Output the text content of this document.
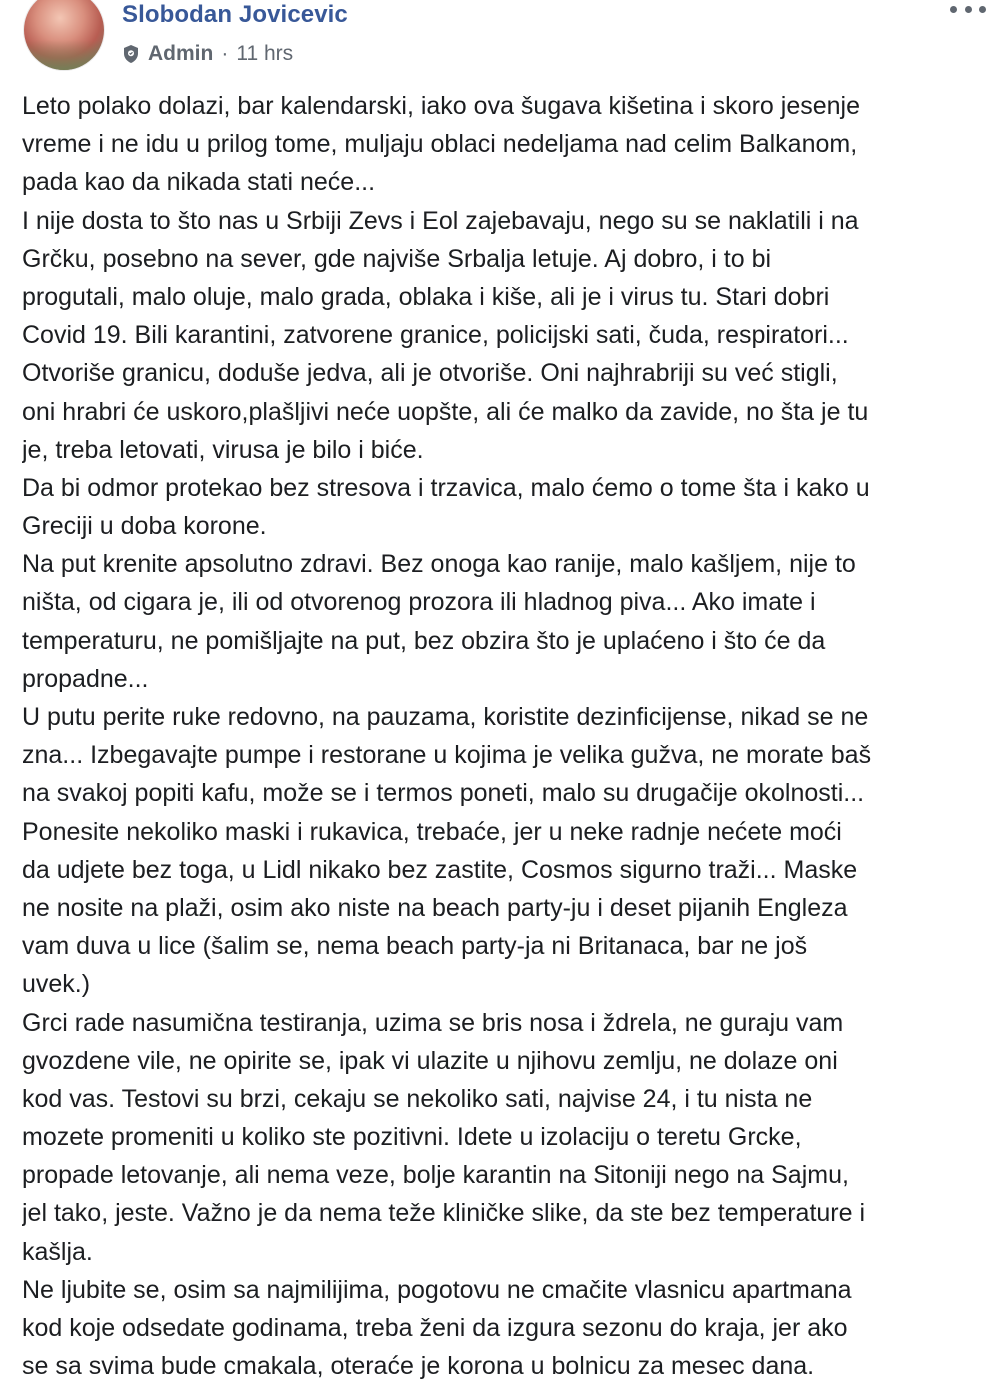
Slobodan Jovicevic
Admin · 11 hrs
Leto polako dolazi, bar kalendarski, iako ova šugava kišetina i skoro jesenje
vreme i ne idu u prilog tome, muljaju oblaci nedeljama nad celim Balkanom,
pada kao da nikada stati neće...
I nije dosta to što nas u Srbiji Zevs i Eol zajebavaju, nego su se naklatili i na
Grčku, posebno na sever, gde najviše Srbalja letuje. Aj dobro, i to bi
progutali, malo oluje, malo grada, oblaka i kiše, ali je i virus tu. Stari dobri
Covid 19. Bili karantini, zatvorene granice, policijski sati, čuda, respiratori...
Otvoriše granicu, doduše jedva, ali je otvoriše. Oni najhrabriji su već stigli,
oni hrabri će uskoro,plašljivi neće uopšte, ali će malko da zavide, no šta je tu
je, treba letovati, virusa je bilo i biće.
Da bi odmor protekao bez stresova i trzavica, malo ćemo o tome šta i kako u
Greciji u doba korone.
Na put krenite apsolutno zdravi. Bez onoga kao ranije, malo kašljem, nije to
ništa, od cigara je, ili od otvorenog prozora ili hladnog piva... Ako imate i
temperaturu, ne pomišljajte na put, bez obzira što je uplaćeno i što će da
propadne...
U putu perite ruke redovno, na pauzama, koristite dezinficijense, nikad se ne
zna... Izbegavajte pumpe i restorane u kojima je velika gužva, ne morate baš
na svakoj popiti kafu, može se i termos poneti, malo su drugačije okolnosti...
Ponesite nekoliko maski i rukavica, trebaće, jer u neke radnje nećete moći
da udjete bez toga, u Lidl nikako bez zastite, Cosmos sigurno traži... Maske
ne nosite na plaži, osim ako niste na beach party-ju i deset pijanih Engleza
vam duva u lice (šalim se, nema beach party-ja ni Britanaca, bar ne još
uvek.)
Grci rade nasumična testiranja, uzima se bris nosa i ždrela, ne guraju vam
gvozdene vile, ne opirite se, ipak vi ulazite u njihovu zemlju, ne dolaze oni
kod vas. Testovi su brzi, cekaju se nekoliko sati, najvise 24, i tu nista ne
mozete promeniti u koliko ste pozitivni. Idete u izolaciju o teretu Grcke,
propade letovanje, ali nema veze, bolje karantin na Sitoniji nego na Sajmu,
jel tako, jeste. Važno je da nema teže kliničke slike, da ste bez temperature i
kašlja.
Ne ljubite se, osim sa najmilijima, pogotovu ne cmačite vlasnicu apartmana
kod koje odsedate godinama, treba ženi da izgura sezonu do kraja, jer ako
se sa svima bude cmakala, oteraće je korona u bolnicu za mesec dana.
